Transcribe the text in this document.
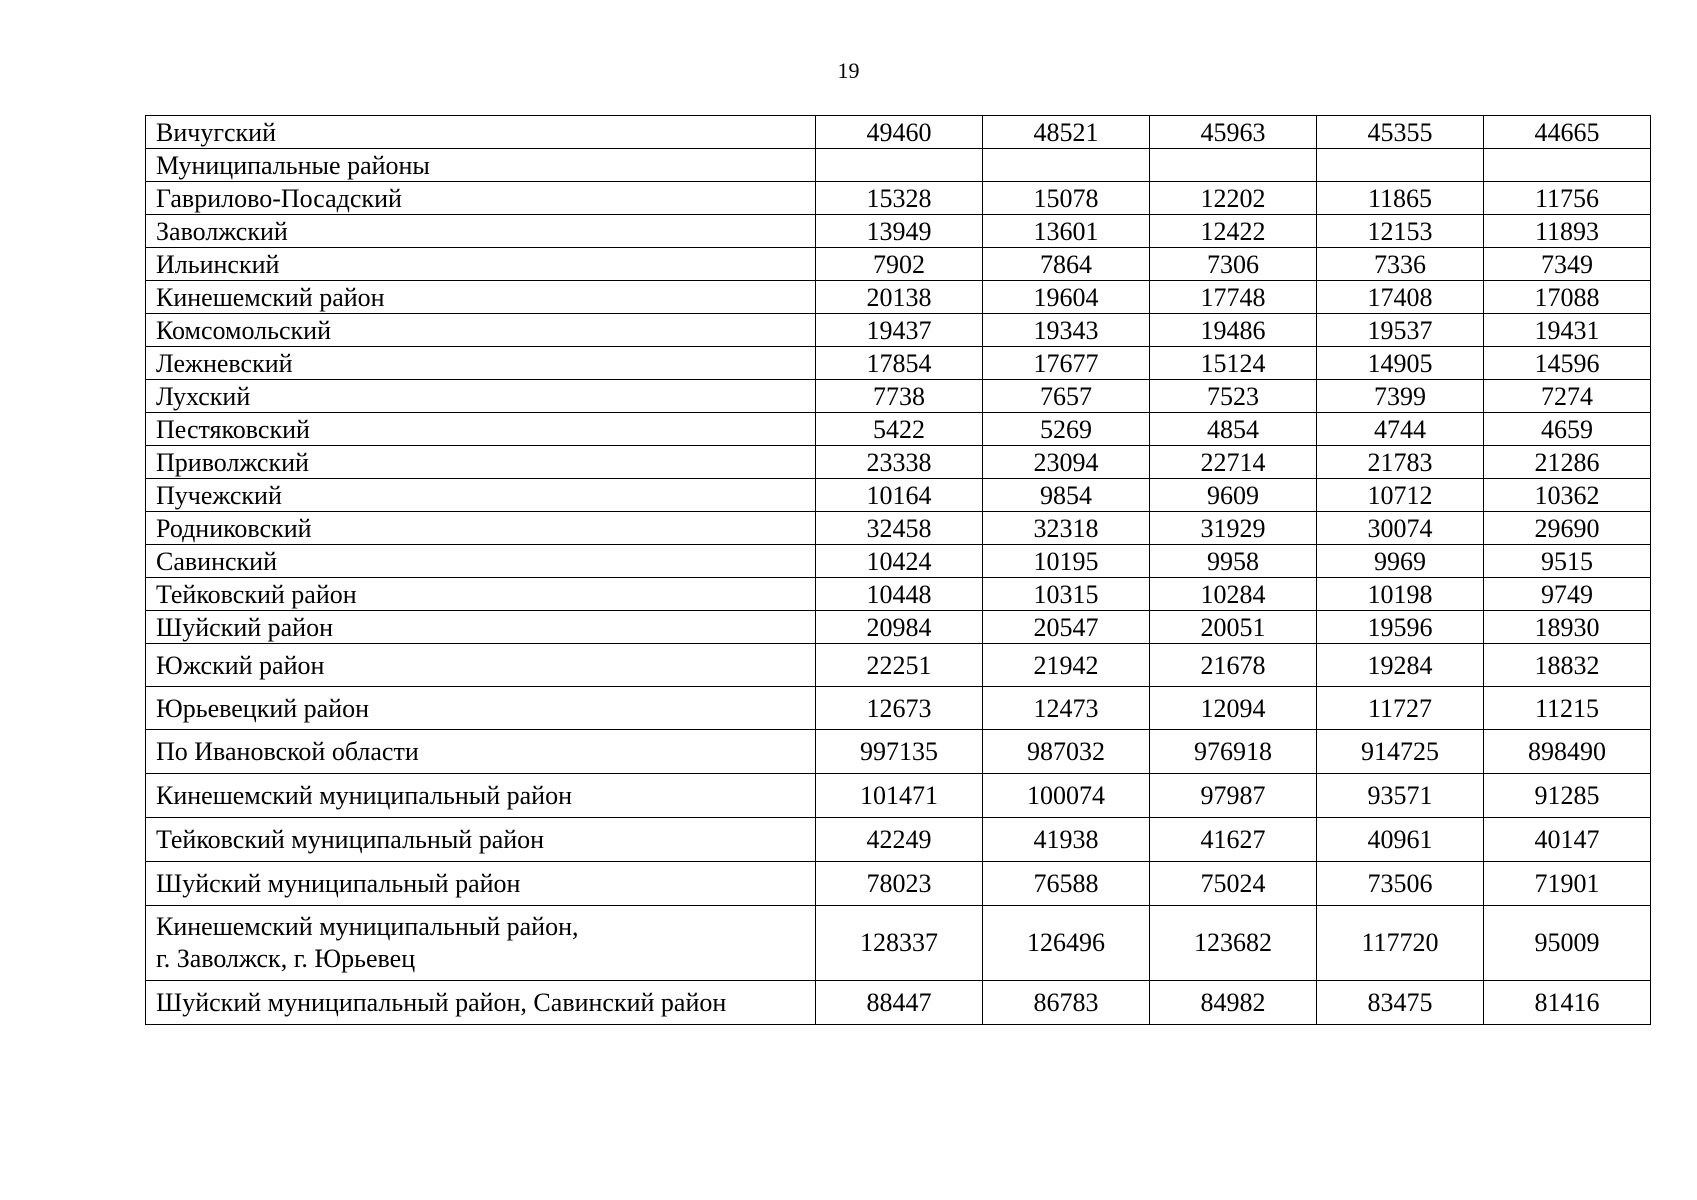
19
Вичугский	49460	48521	45963	45355	44665
Муниципальные районы					
Гаврилово-Посадский	15328	15078	12202	11865	11756
Заволжский	13949	13601	12422	12153	11893
Ильинский	7902	7864	7306	7336	7349
Кинешемский район	20138	19604	17748	17408	17088
Комсомольский	19437	19343	19486	19537	19431
Лежневский	17854	17677	15124	14905	14596
Лухский	7738	7657	7523	7399	7274
Пестяковский	5422	5269	4854	4744	4659
Приволжский	23338	23094	22714	21783	21286
Пучежский	10164	9854	9609	10712	10362
Родниковский	32458	32318	31929	30074	29690
Савинский	10424	10195	9958	9969	9515
Тейковский район	10448	10315	10284	10198	9749
Шуйский район	20984	20547	20051	19596	18930
Южский район	22251	21942	21678	19284	18832
Юрьевецкий район	12673	12473	12094	11727	11215
По Ивановской области	997135	987032	976918	914725	898490
Кинешемский муниципальный район	101471	100074	97987	93571	91285
Тейковский муниципальный район	42249	41938	41627	40961	40147
Шуйский муниципальный район	78023	76588	75024	73506	71901

Кинешемский муниципальный район,
г. Заволжск, г. Юрьевец	128337	126496	123682	117720	95009
Шуйский муниципальный район, Савинский район	88447	86783	84982	83475	81416
